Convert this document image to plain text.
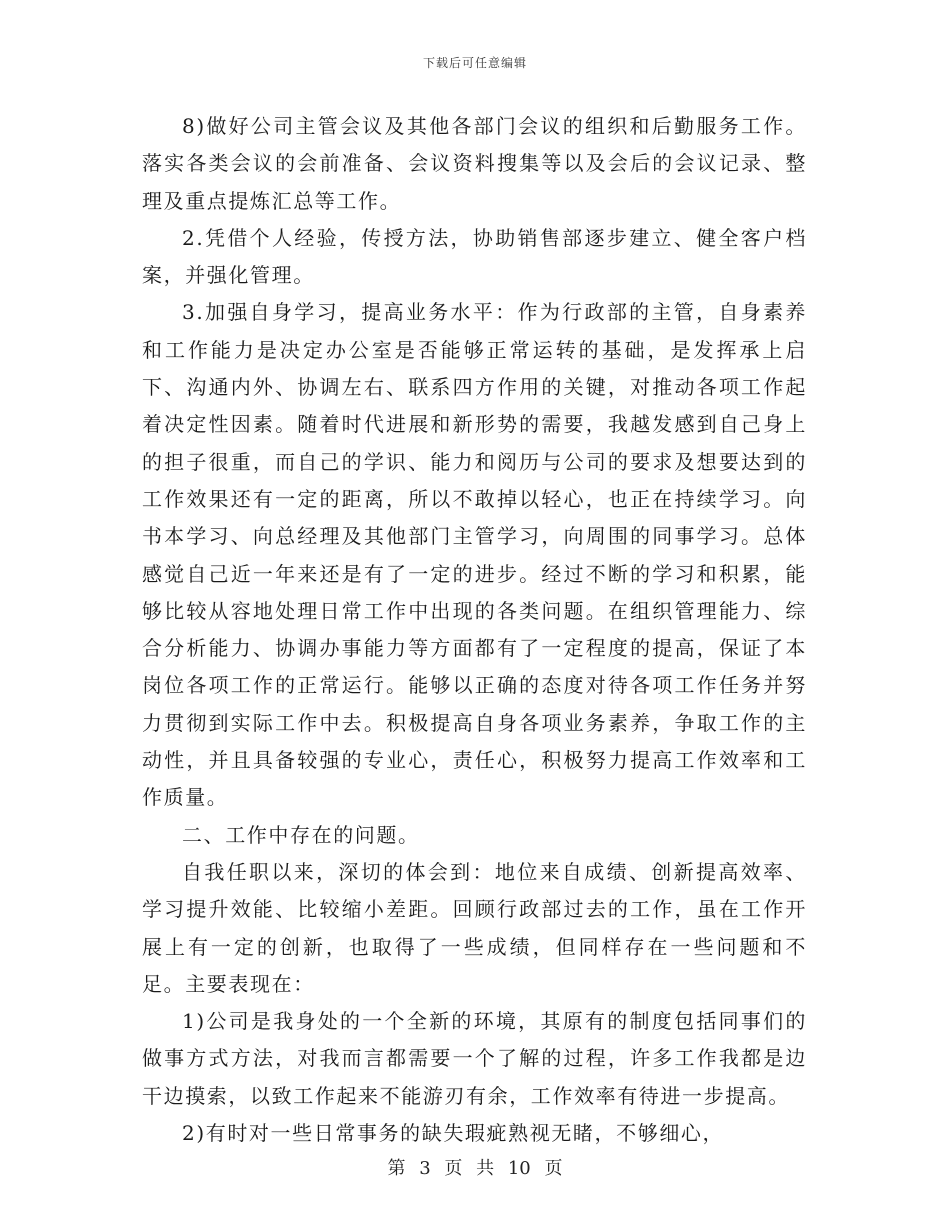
下载后可任意编辑

8)做好公司主管会议及其他各部门会议的组织和后勤服务工作。落实各类会议的会前准备、会议资料搜集等以及会后的会议记录、整理及重点提炼汇总等工作。

2.凭借个人经验，传授方法，协助销售部逐步建立、健全客户档案，并强化管理。

3.加强自身学习，提高业务水平：作为行政部的主管，自身素养和工作能力是决定办公室是否能够正常运转的基础，是发挥承上启下、沟通内外、协调左右、联系四方作用的关键，对推动各项工作起着决定性因素。随着时代进展和新形势的需要，我越发感到自己身上的担子很重，而自己的学识、能力和阅历与公司的要求及想要达到的工作效果还有一定的距离，所以不敢掉以轻心，也正在持续学习。向书本学习、向总经理及其他部门主管学习，向周围的同事学习。总体感觉自己近一年来还是有了一定的进步。经过不断的学习和积累，能够比较从容地处理日常工作中出现的各类问题。在组织管理能力、综合分析能力、协调办事能力等方面都有了一定程度的提高，保证了本岗位各项工作的正常运行。能够以正确的态度对待各项工作任务并努力贯彻到实际工作中去。积极提高自身各项业务素养，争取工作的主动性，并且具备较强的专业心，责任心，积极努力提高工作效率和工作质量。

二、工作中存在的问题。

自我任职以来，深切的体会到：地位来自成绩、创新提高效率、学习提升效能、比较缩小差距。回顾行政部过去的工作，虽在工作开展上有一定的创新，也取得了一些成绩，但同样存在一些问题和不足。主要表现在：

1)公司是我身处的一个全新的环境，其原有的制度包括同事们的做事方式方法，对我而言都需要一个了解的过程，许多工作我都是边干边摸索，以致工作起来不能游刃有余，工作效率有待进一步提高。

2)有时对一些日常事务的缺失瑕疵熟视无睹，不够细心，

第 3 页 共 10 页
